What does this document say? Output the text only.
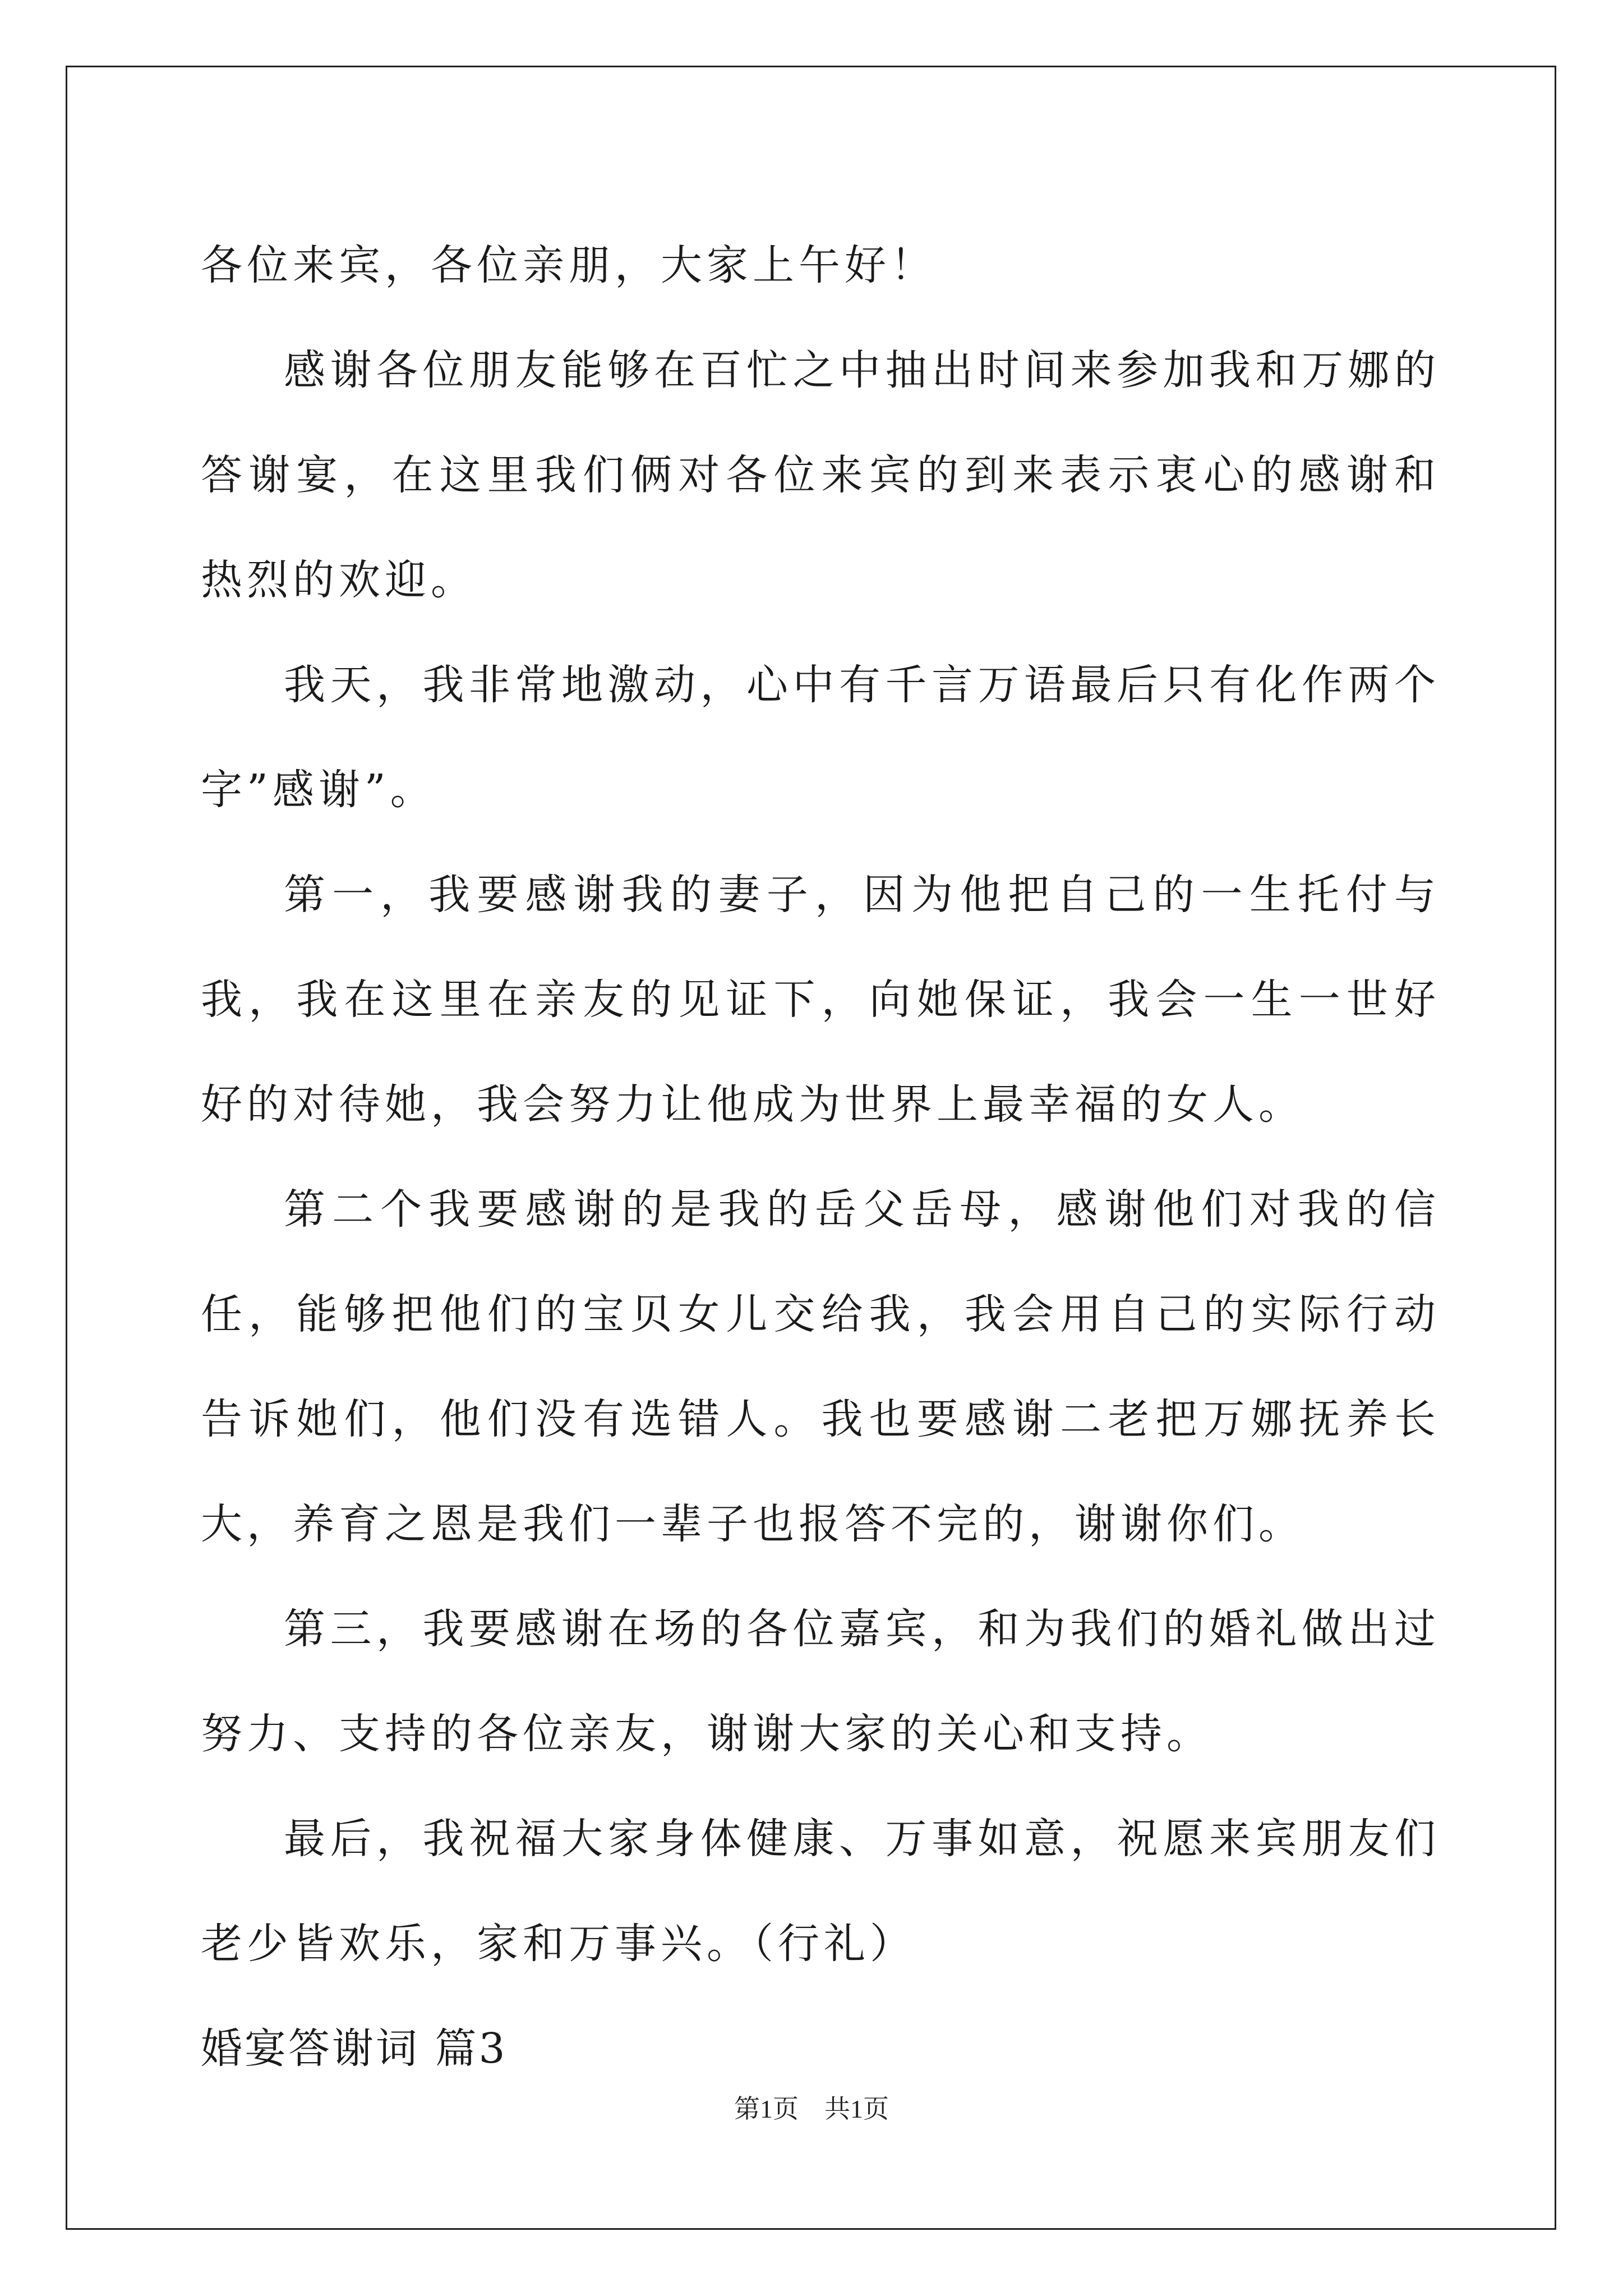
各位来宾，各位亲朋，大家上午好！

感谢各位朋友能够在百忙之中抽出时间来参加我和万娜的答谢宴，在这里我们俩对各位来宾的到来表示衷心的感谢和热烈的欢迎。

我天，我非常地激动，心中有千言万语最后只有化作两个字”感谢”。

第一，我要感谢我的妻子，因为他把自己的一生托付与我，我在这里在亲友的见证下，向她保证，我会一生一世好好的对待她，我会努力让他成为世界上最幸福的女人。

第二个我要感谢的是我的岳父岳母，感谢他们对我的信任，能够把他们的宝贝女儿交给我，我会用自己的实际行动告诉她们，他们没有选错人。我也要感谢二老把万娜抚养长大，养育之恩是我们一辈子也报答不完的，谢谢你们。

第三，我要感谢在场的各位嘉宾，和为我们的婚礼做出过努力、支持的各位亲友，谢谢大家的关心和支持。

最后，我祝福大家身体健康、万事如意，祝愿来宾朋友们老少皆欢乐，家和万事兴。（行礼）

婚宴答谢词 篇3

第1页　共1页
